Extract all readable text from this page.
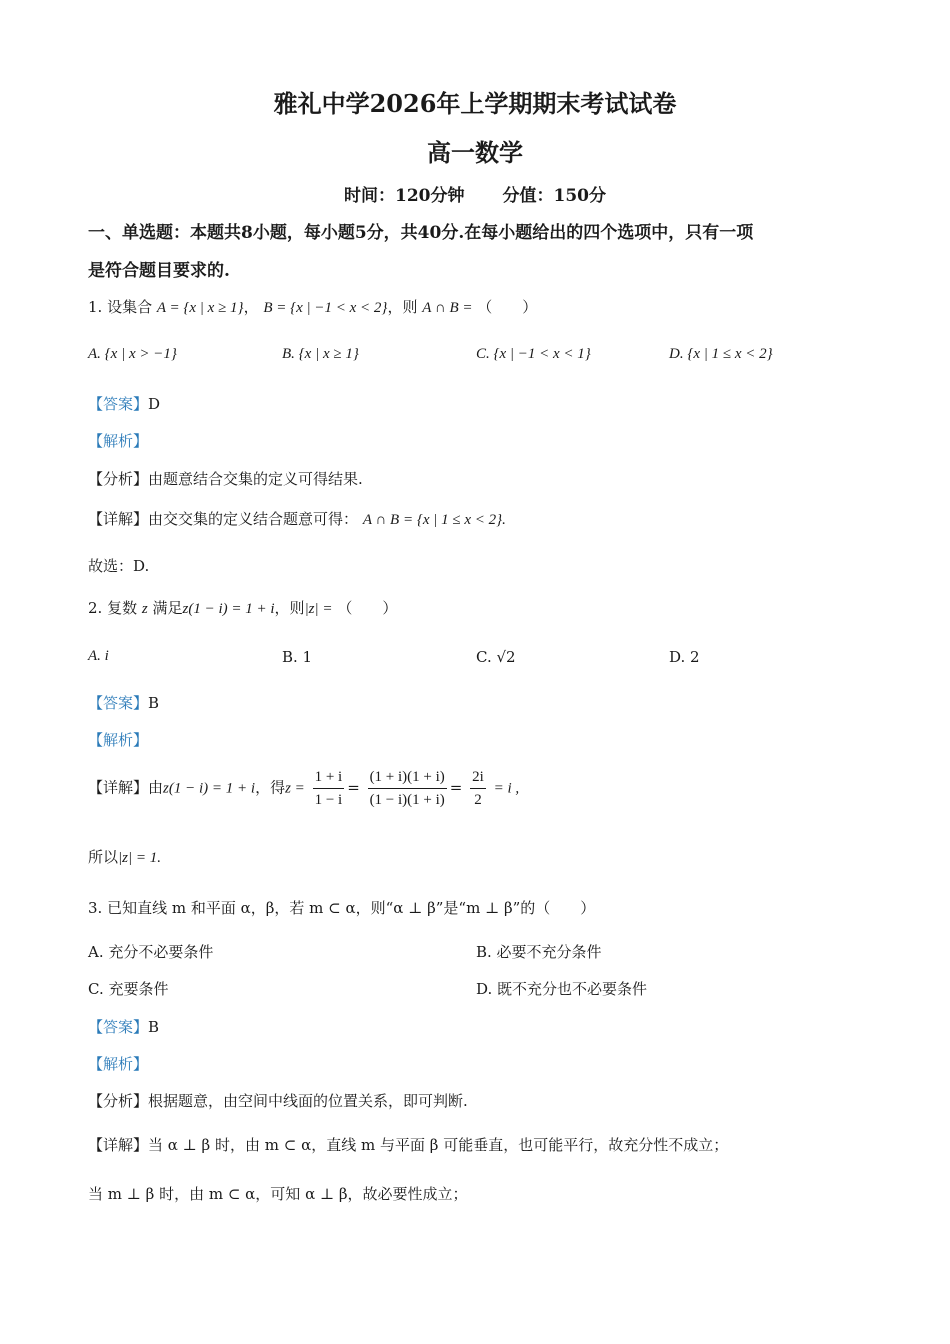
雅礼中学2026年上学期期末考试试卷
高一数学
时间：120分钟 分值：150分
一、单选题：本题共8小题，每小题5分，共40分.在每小题给出的四个选项中，只有一项
是符合题目要求的.
1. 设集合 A = {x | x ≥ 1}， B = {x | −1 < x < 2}，则 A ∩ B = （　　）
A. {x | x > −1}	B. {x | x ≥ 1}	C. {x | −1 < x < 1}	D. {x | 1 ≤ x < 2}
【答案】D
【解析】
【分析】由题意结合交集的定义可得结果.
【详解】由交交集的定义结合题意可得： A ∩ B = {x | 1 ≤ x < 2}.
故选：D.
2. 复数 z 满足z(1 − i) = 1 + i，则|z| = （　　）
A. i	B. 1	C. √2	D. 2
【答案】B
【解析】
【详解】由z(1 − i) = 1 + i，得$z = \frac{1 + i}{1 - i} = \frac{(1 + i)(1 + i)}{(1 - i)(1 + i)} = \frac{2i}{2} = i$ ,
所以|z| = 1.
3. 已知直线 m 和平面 α，β，若 m ⊂ α，则“α ⊥ β”是“m ⊥ β”的（　　）
A. 充分不必要条件	B. 必要不充分条件
C. 充要条件	D. 既不充分也不必要条件
【答案】B
【解析】
【分析】根据题意，由空间中线面的位置关系，即可判断.
【详解】当 α ⊥ β 时，由 m ⊂ α，直线 m 与平面 β 可能垂直，也可能平行，故充分性不成立；
当 m ⊥ β 时，由 m ⊂ α，可知 α ⊥ β，故必要性成立；
